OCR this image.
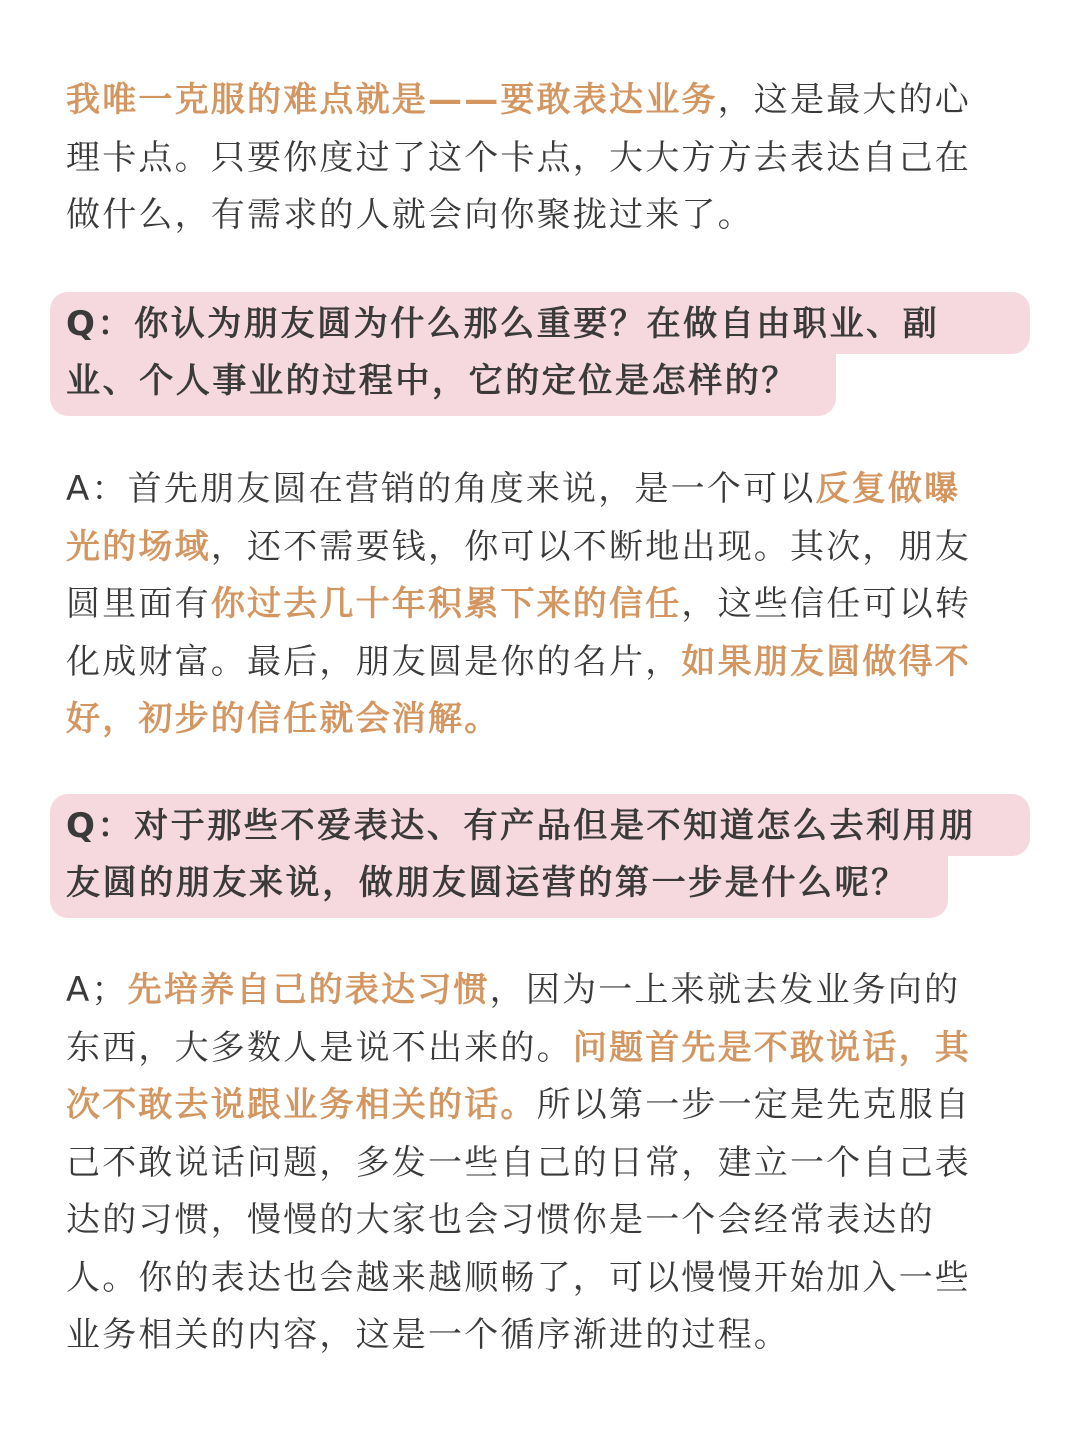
我唯一克服的难点就是——要敢表达业务，这是最大的心
理卡点。只要你度过了这个卡点，大大方方去表达自己在
做什么，有需求的人就会向你聚拢过来了。
Q：你认为朋友圆为什么那么重要？在做自由职业、副
业、个人事业的过程中，它的定位是怎样的？
A：首先朋友圆在营销的角度来说，是一个可以反复做曝
光的场域，还不需要钱，你可以不断地出现。其次，朋友
圆里面有你过去几十年积累下来的信任，这些信任可以转
化成财富。最后，朋友圆是你的名片，如果朋友圆做得不
好，初步的信任就会消解。
Q：对于那些不爱表达、有产品但是不知道怎么去利用朋
友圆的朋友来说，做朋友圆运营的第一步是什么呢？
A；先培养自己的表达习惯，因为一上来就去发业务向的
东西，大多数人是说不出来的。问题首先是不敢说话，其
次不敢去说跟业务相关的话。所以第一步一定是先克服自
己不敢说话问题，多发一些自己的日常，建立一个自己表
达的习惯，慢慢的大家也会习惯你是一个会经常表达的
人。你的表达也会越来越顺畅了，可以慢慢开始加入一些
业务相关的内容，这是一个循序渐进的过程。
